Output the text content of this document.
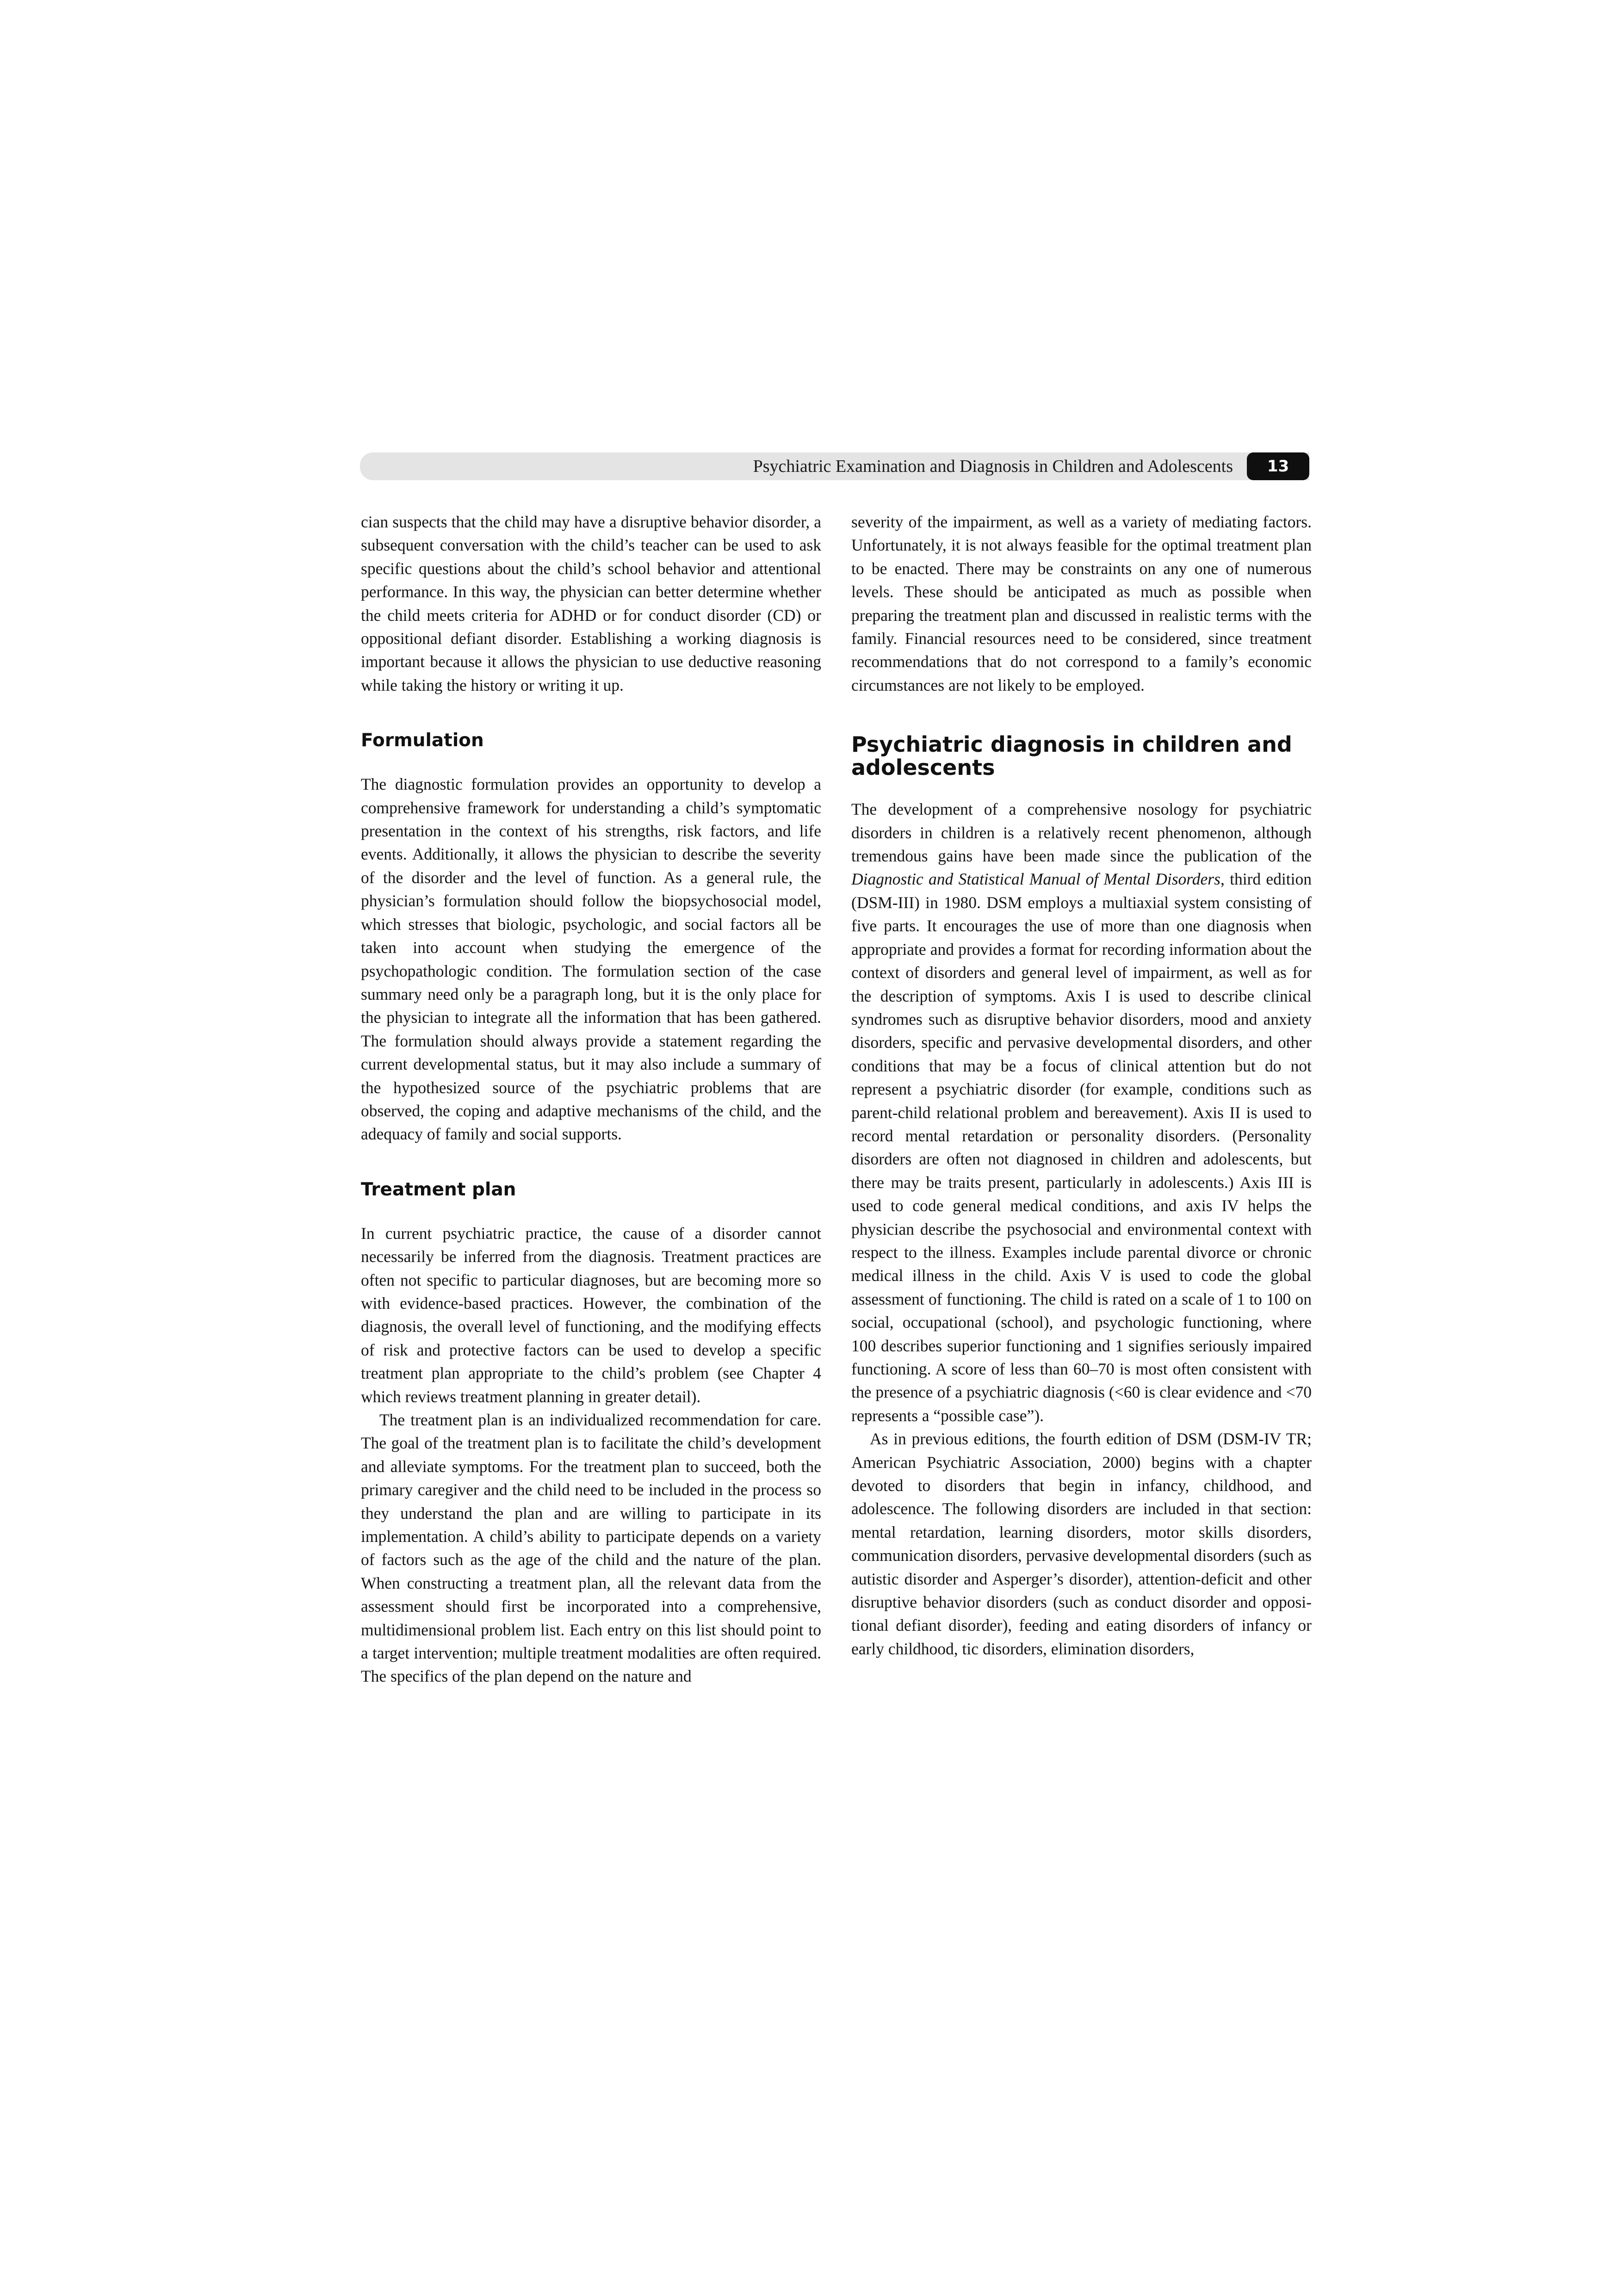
Psychiatric Examination and Diagnosis in Children and Adolescents	13

cian suspects that the child may have a disruptive behavior disorder, a subsequent conversation with the child’s teacher can be used to ask specific questions about the child’s school behavior and attentional performance. In this way, the physician can better determine whether the child meets criteria for ADHD or for conduct disorder (CD) or oppositional defiant disorder. Establishing a working diagnosis is important because it allows the physician to use deductive reasoning while taking the history or writing it up.

Formulation

The diagnostic formulation provides an opportunity to develop a comprehensive framework for understanding a child’s symptomatic presentation in the context of his strengths, risk factors, and life events. Additionally, it allows the physician to describe the severity of the disorder and the level of function. As a general rule, the physician’s formulation should follow the biopsychosocial model, which stresses that biologic, psychologic, and social factors all be taken into account when studying the emergence of the psychopathologic condition. The formulation section of the case summary need only be a paragraph long, but it is the only place for the physician to integrate all the information that has been gathered. The formulation should always provide a statement regarding the current developmental status, but it may also include a summary of the hypothesized source of the psychiatric problems that are observed, the coping and adaptive mechanisms of the child, and the adequacy of family and social supports.

Treatment plan

In current psychiatric practice, the cause of a disorder cannot necessarily be inferred from the diagnosis. Treatment practices are often not specific to particular diagnoses, but are becoming more so with evidence-based practices. However, the combination of the diagnosis, the overall level of functioning, and the modifying effects of risk and protective factors can be used to develop a specific treatment plan appropriate to the child’s problem (see Chapter 4 which reviews treatment planning in greater detail).

The treatment plan is an individualized recommendation for care. The goal of the treatment plan is to facilitate the child’s development and alleviate symptoms. For the treatment plan to succeed, both the primary caregiver and the child need to be included in the process so they understand the plan and are willing to participate in its implementation. A child’s ability to participate depends on a variety of factors such as the age of the child and the nature of the plan. When constructing a treatment plan, all the relevant data from the assessment should first be incorporated into a comprehensive, multidimensional problem list. Each entry on this list should point to a target intervention; multiple treatment modalities are often required. The specifics of the plan depend on the nature and

severity of the impairment, as well as a variety of mediating factors. Unfortunately, it is not always feasible for the optimal treatment plan to be enacted. There may be constraints on any one of numerous levels. These should be anticipated as much as possible when preparing the treatment plan and discussed in realistic terms with the family. Financial resources need to be considered, since treatment recommendations that do not correspond to a family’s economic circumstances are not likely to be employed.

Psychiatric diagnosis in children and adolescents

The development of a comprehensive nosology for psychiatric disorders in children is a relatively recent phenomenon, although tremendous gains have been made since the publication of the Diagnostic and Statistical Manual of Mental Disorders, third edition (DSM-III) in 1980. DSM employs a multiaxial system consisting of five parts. It encourages the use of more than one diagnosis when appropriate and provides a format for recording information about the context of disorders and general level of impairment, as well as for the description of symptoms. Axis I is used to describe clinical syndromes such as disruptive behavior disorders, mood and anxiety disorders, specific and pervasive developmental disorders, and other conditions that may be a focus of clinical attention but do not represent a psychiatric disorder (for example, conditions such as parent-child relational problem and bereavement). Axis II is used to record mental retardation or personality disorders. (Personality disorders are often not diagnosed in children and adolescents, but there may be traits present, particularly in adolescents.) Axis III is used to code general medical conditions, and axis IV helps the physician describe the psychosocial and environmental context with respect to the illness. Examples include parental divorce or chronic medical illness in the child. Axis V is used to code the global assessment of functioning. The child is rated on a scale of 1 to 100 on social, occupational (school), and psychologic functioning, where 100 describes superior functioning and 1 signifies seriously impaired functioning. A score of less than 60–70 is most often consistent with the presence of a psychiatric diagnosis (<60 is clear evidence and <70 represents a “possible case”).

As in previous editions, the fourth edition of DSM (DSM-IV TR; American Psychiatric Association, 2000) begins with a chapter devoted to disorders that begin in infancy, childhood, and adolescence. The following disorders are included in that section: mental retardation, learning disorders, motor skills disorders, communication disorders, pervasive developmental disorders (such as autistic disorder and Asperger’s disorder), attention-deficit and other disruptive behavior disorders (such as conduct disorder and oppositional defiant disorder), feeding and eating disorders of infancy or early childhood, tic disorders, elimination disorders,
